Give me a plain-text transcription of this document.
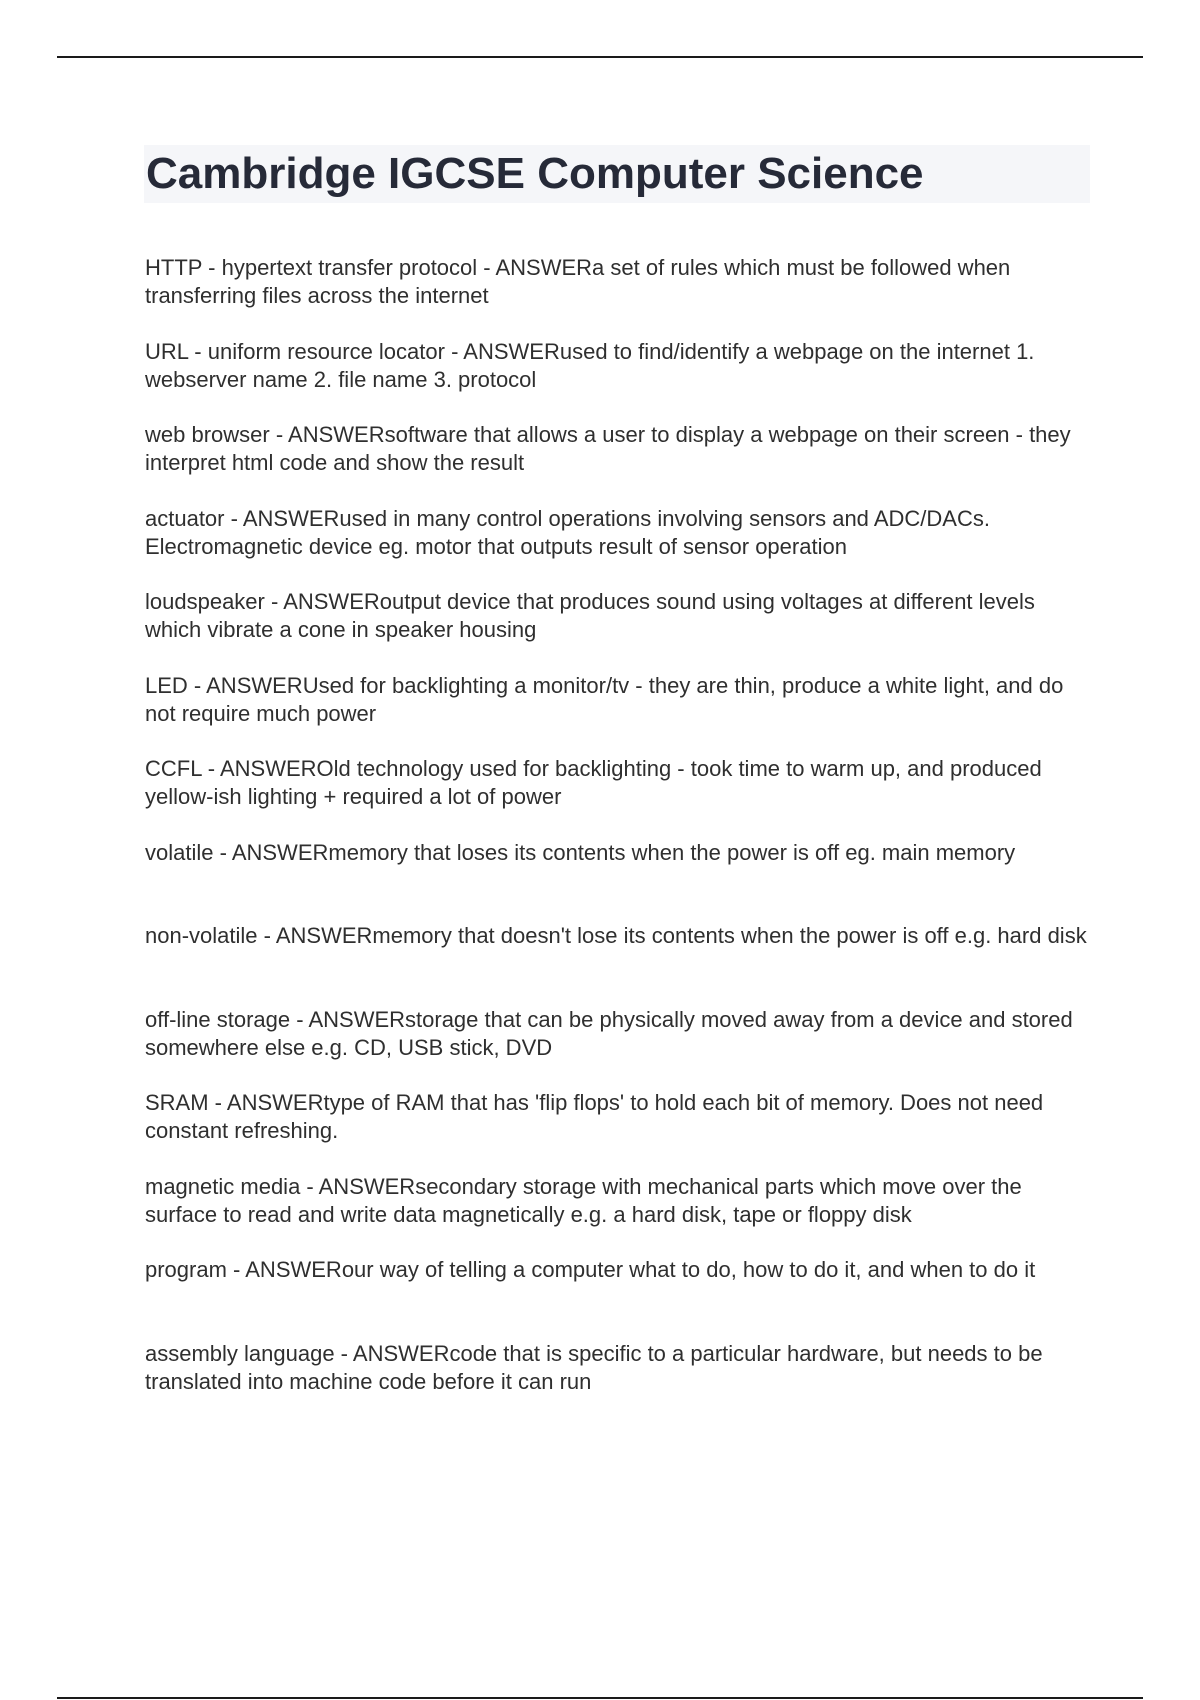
Cambridge IGCSE Computer Science

HTTP - hypertext transfer protocol - ANSWERa set of rules which must be followed when transferring files across the internet

URL - uniform resource locator - ANSWERused to find/identify a webpage on the internet 1. webserver name 2. file name 3. protocol

web browser - ANSWERsoftware that allows a user to display a webpage on their screen - they interpret html code and show the result

actuator - ANSWERused in many control operations involving sensors and ADC/DACs. Electromagnetic device eg. motor that outputs result of sensor operation

loudspeaker - ANSWERoutput device that produces sound using voltages at different levels which vibrate a cone in speaker housing

LED - ANSWERUsed for backlighting a monitor/tv - they are thin, produce a white light, and do not require much power

CCFL - ANSWEROld technology used for backlighting - took time to warm up, and produced yellow-ish lighting + required a lot of power

volatile - ANSWERmemory that loses its contents when the power is off eg. main memory

non-volatile - ANSWERmemory that doesn't lose its contents when the power is off e.g. hard disk

off-line storage - ANSWERstorage that can be physically moved away from a device and stored somewhere else e.g. CD, USB stick, DVD

SRAM - ANSWERtype of RAM that has 'flip flops' to hold each bit of memory. Does not need constant refreshing.

magnetic media - ANSWERsecondary storage with mechanical parts which move over the surface to read and write data magnetically e.g. a hard disk, tape or floppy disk

program - ANSWERour way of telling a computer what to do, how to do it, and when to do it

assembly language - ANSWERcode that is specific to a particular hardware, but needs to be translated into machine code before it can run
